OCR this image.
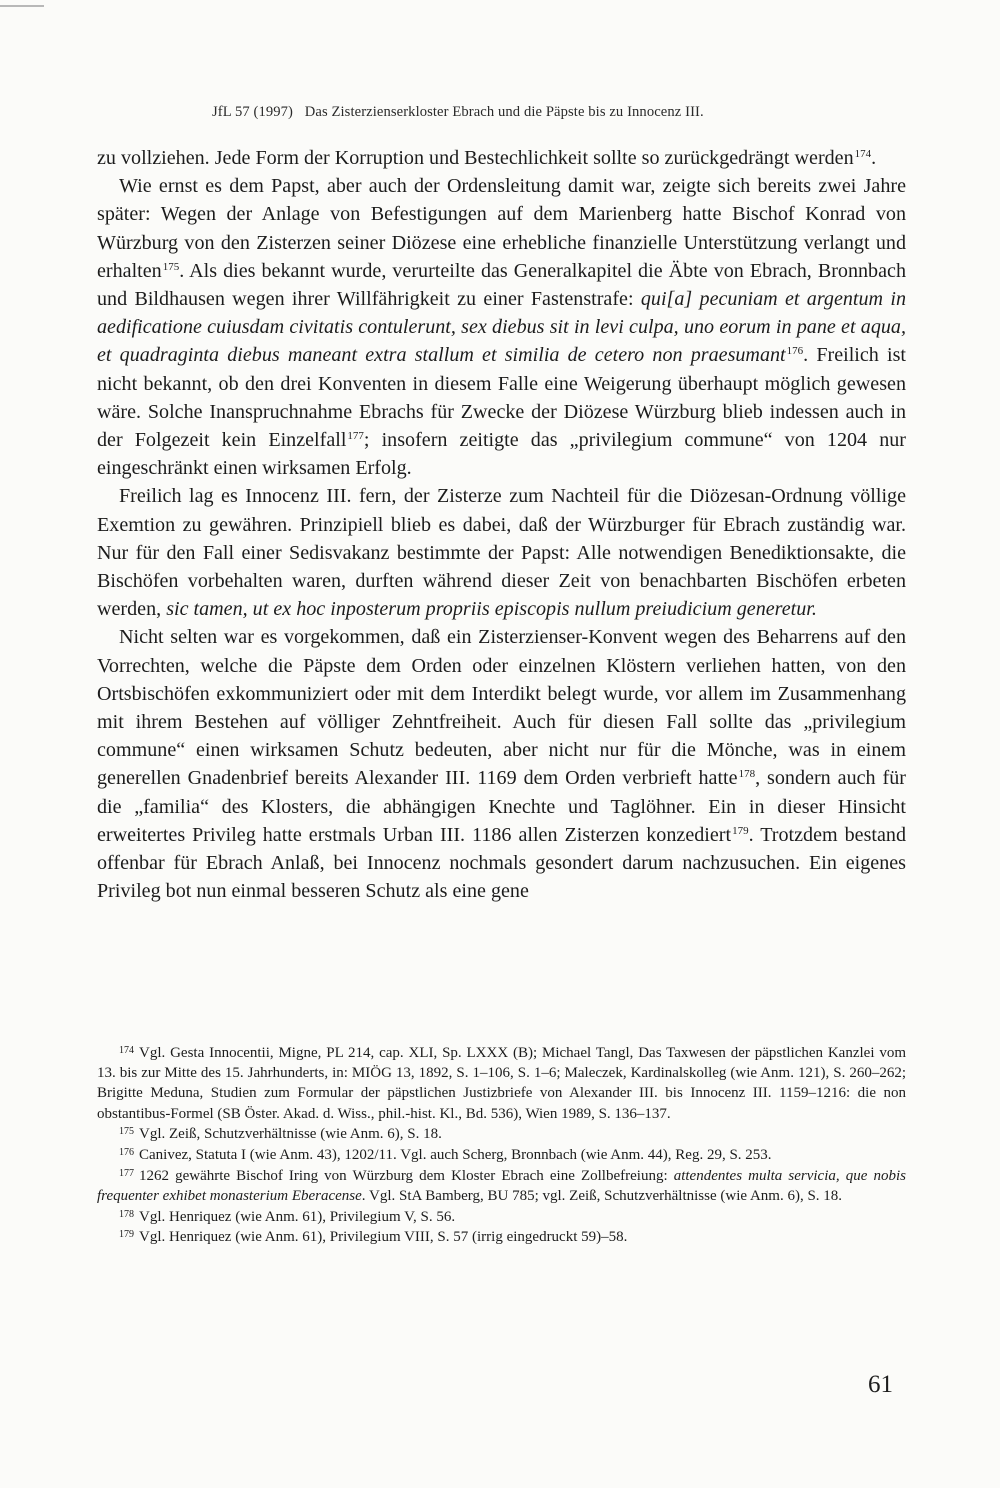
JfL 57 (1997) Das Zisterzienserkloster Ebrach und die Päpste bis zu Innocenz III.

zu vollziehen. Jede Form der Korruption und Bestechlichkeit sollte so zurückgedrängt werden$^{174}$.

Wie ernst es dem Papst, aber auch der Ordensleitung damit war, zeigte sich bereits zwei Jahre später: Wegen der Anlage von Befestigungen auf dem Marienberg hatte Bischof Konrad von Würzburg von den Zisterzen seiner Diözese eine erhebliche finanzielle Unterstützung verlangt und erhalten$^{175}$. Als dies bekannt wurde, verurteilte das Generalkapitel die Äbte von Ebrach, Bronnbach und Bildhausen wegen ihrer Willfährigkeit zu einer Fastenstrafe: qui[a] pecuniam et argentum in aedificatione cuiusdam civitatis contulerunt, sex diebus sit in levi culpa, uno eorum in pane et aqua, et quadraginta diebus maneant extra stallum et similia de cetero non praesumant$^{176}$. Freilich ist nicht bekannt, ob den drei Konventen in diesem Falle eine Weigerung überhaupt möglich gewesen wäre. Solche Inanspruchnahme Ebrachs für Zwecke der Diözese Würzburg blieb indessen auch in der Folgezeit kein Einzelfall$^{177}$; insofern zeitigte das „privilegium commune“ von 1204 nur eingeschränkt einen wirksamen Erfolg.

Freilich lag es Innocenz III. fern, der Zisterze zum Nachteil für die Diözesan-Ordnung völlige Exemtion zu gewähren. Prinzipiell blieb es dabei, daß der Würzburger für Ebrach zuständig war. Nur für den Fall einer Sedisvakanz bestimmte der Papst: Alle notwendigen Benediktionsakte, die Bischöfen vorbehalten waren, durften während dieser Zeit von benachbarten Bischöfen erbeten werden, sic tamen, ut ex hoc inposterum propriis episcopis nullum preiudicium generetur.

Nicht selten war es vorgekommen, daß ein Zisterzienser-Konvent wegen des Beharrens auf den Vorrechten, welche die Päpste dem Orden oder einzelnen Klöstern verliehen hatten, von den Ortsbischöfen exkommuniziert oder mit dem Interdikt belegt wurde, vor allem im Zusammenhang mit ihrem Bestehen auf völliger Zehntfreiheit. Auch für diesen Fall sollte das „privilegium commune“ einen wirksamen Schutz bedeuten, aber nicht nur für die Mönche, was in einem generellen Gnadenbrief bereits Alexander III. 1169 dem Orden verbrieft hatte$^{178}$, sondern auch für die „familia“ des Klosters, die abhängigen Knechte und Taglöhner. Ein in dieser Hinsicht erweitertes Privileg hatte erstmals Urban III. 1186 allen Zisterzen konzediert$^{179}$. Trotzdem bestand offenbar für Ebrach Anlaß, bei Innocenz nochmals gesondert darum nachzusuchen. Ein eigenes Privileg bot nun einmal besseren Schutz als eine gene

$^{174}$ Vgl. Gesta Innocentii, Migne, PL 214, cap. XLI, Sp. LXXX (B); Michael Tangl, Das Taxwesen der päpstlichen Kanzlei vom 13. bis zur Mitte des 15. Jahrhunderts, in: MIÖG 13, 1892, S. 1–106, S. 1–6; Maleczek, Kardinalskolleg (wie Anm. 121), S. 260–262; Brigitte Meduna, Studien zum Formular der päpstlichen Justizbriefe von Alexander III. bis Innocenz III. 1159–1216: die non obstantibus-Formel (SB Öster. Akad. d. Wiss., phil.-hist. Kl., Bd. 536), Wien 1989, S. 136–137.

$^{175}$ Vgl. Zeiß, Schutzverhältnisse (wie Anm. 6), S. 18.

$^{176}$ Canivez, Statuta I (wie Anm. 43), 1202/11. Vgl. auch Scherg, Bronnbach (wie Anm. 44), Reg. 29, S. 253.

$^{177}$ 1262 gewährte Bischof Iring von Würzburg dem Kloster Ebrach eine Zollbefreiung: attendentes multa servicia, que nobis frequenter exhibet monasterium Eberacense. Vgl. StA Bamberg, BU 785; vgl. Zeiß, Schutzverhältnisse (wie Anm. 6), S. 18.

$^{178}$ Vgl. Henriquez (wie Anm. 61), Privilegium V, S. 56.

$^{179}$ Vgl. Henriquez (wie Anm. 61), Privilegium VIII, S. 57 (irrig eingedruckt 59)–58.

61
